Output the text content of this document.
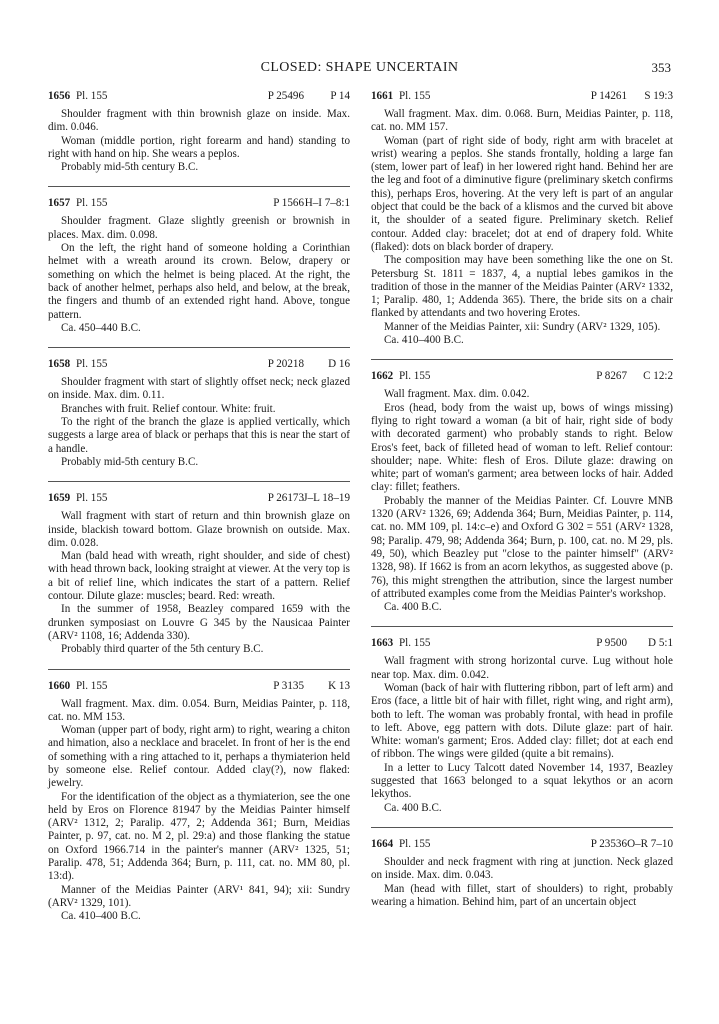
CLOSED: SHAPE UNCERTAIN	353
1656 Pl. 155	P 25496 P 14

Shoulder fragment with thin brownish glaze on inside. Max. dim. 0.046.

Woman (middle portion, right forearm and hand) standing to right with hand on hip. She wears a peplos.

Probably mid-5th century B.C.

1657 Pl. 155	P 1566 H–I 7–8:1

Shoulder fragment. Glaze slightly greenish or brownish in places. Max. dim. 0.098.

On the left, the right hand of someone holding a Corinthian helmet with a wreath around its crown. Below, drapery or something on which the helmet is being placed. At the right, the back of another helmet, perhaps also held, and below, at the break, the fingers and thumb of an extended right hand. Above, tongue pattern.

Ca. 450–440 B.C.

1658 Pl. 155	P 20218 D 16

Shoulder fragment with start of slightly offset neck; neck glazed on inside. Max. dim. 0.11.

Branches with fruit. Relief contour. White: fruit.

To the right of the branch the glaze is applied vertically, which suggests a large area of black or perhaps that this is near the start of a handle.

Probably mid-5th century B.C.

1659 Pl. 155	P 26173 J–L 18–19

Wall fragment with start of return and thin brownish glaze on inside, blackish toward bottom. Glaze brownish on outside. Max. dim. 0.028.

Man (bald head with wreath, right shoulder, and side of chest) with head thrown back, looking straight at viewer. At the very top is a bit of relief line, which indicates the start of a pattern. Relief contour. Dilute glaze: muscles; beard. Red: wreath.

In the summer of 1958, Beazley compared 1659 with the drunken symposiast on Louvre G 345 by the Nausicaa Painter (ARV² 1108, 16; Addenda 330).

Probably third quarter of the 5th century B.C.

1660 Pl. 155	P 3135 K 13

Wall fragment. Max. dim. 0.054. Burn, Meidias Painter, p. 118, cat. no. MM 153.

Woman (upper part of body, right arm) to right, wearing a chiton and himation, also a necklace and bracelet. In front of her is the end of something with a ring attached to it, perhaps a thymiaterion held by someone else. Relief contour. Added clay(?), now flaked: jewelry.

For the identification of the object as a thymiaterion, see the one held by Eros on Florence 81947 by the Meidias Painter himself (ARV² 1312, 2; Paralip. 477, 2; Addenda 361; Burn, Meidias Painter, p. 97, cat. no. M 2, pl. 29:a) and those flanking the statue on Oxford 1966.714 in the painter's manner (ARV² 1325, 51; Paralip. 478, 51; Addenda 364; Burn, p. 111, cat. no. MM 80, pl. 13:d).

Manner of the Meidias Painter (ARV¹ 841, 94); xii: Sundry (ARV² 1329, 101).

Ca. 410–400 B.C.

1661 Pl. 155	P 14261 S 19:3

Wall fragment. Max. dim. 0.068. Burn, Meidias Painter, p. 118, cat. no. MM 157.

Woman (part of right side of body, right arm with bracelet at wrist) wearing a peplos. She stands frontally, holding a large fan (stem, lower part of leaf) in her lowered right hand. Behind her are the leg and foot of a diminutive figure (preliminary sketch confirms this), perhaps Eros, hovering. At the very left is part of an angular object that could be the back of a klismos and the curved bit above it, the shoulder of a seated figure. Preliminary sketch. Relief contour. Added clay: bracelet; dot at end of drapery fold. White (flaked): dots on black border of drapery.

The composition may have been something like the one on St. Petersburg St. 1811 = 1837, 4, a nuptial lebes gamikos in the tradition of those in the manner of the Meidias Painter (ARV² 1332, 1; Paralip. 480, 1; Addenda 365). There, the bride sits on a chair flanked by attendants and two hovering Erotes.

Manner of the Meidias Painter, xii: Sundry (ARV² 1329, 105).

Ca. 410–400 B.C.

1662 Pl. 155	P 8267 C 12:2

Wall fragment. Max. dim. 0.042.

Eros (head, body from the waist up, bows of wings missing) flying to right toward a woman (a bit of hair, right side of body with decorated garment) who probably stands to right. Below Eros's feet, back of filleted head of woman to left. Relief contour: shoulder; nape. White: flesh of Eros. Dilute glaze: drawing on white; part of woman's garment; area between locks of hair. Added clay: fillet; feathers.

Probably the manner of the Meidias Painter. Cf. Louvre MNB 1320 (ARV² 1326, 69; Addenda 364; Burn, Meidias Painter, p. 114, cat. no. MM 109, pl. 14:c–e) and Oxford G 302 = 551 (ARV² 1328, 98; Paralip. 479, 98; Addenda 364; Burn, p. 100, cat. no. M 29, pls. 49, 50), which Beazley put "close to the painter himself" (ARV² 1328, 98). If 1662 is from an acorn lekythos, as suggested above (p. 76), this might strengthen the attribution, since the largest number of attributed examples come from the Meidias Painter's workshop.

Ca. 400 B.C.

1663 Pl. 155	P 9500 D 5:1

Wall fragment with strong horizontal curve. Lug without hole near top. Max. dim. 0.042.

Woman (back of hair with fluttering ribbon, part of left arm) and Eros (face, a little bit of hair with fillet, right wing, and right arm), both to left. The woman was probably frontal, with head in profile to left. Above, egg pattern with dots. Dilute glaze: part of hair. White: woman's garment; Eros. Added clay: fillet; dot at each end of ribbon. The wings were gilded (quite a bit remains).

In a letter to Lucy Talcott dated November 14, 1937, Beazley suggested that 1663 belonged to a squat lekythos or an acorn lekythos.

Ca. 400 B.C.

1664 Pl. 155	P 23536 O–R 7–10

Shoulder and neck fragment with ring at junction. Neck glazed on inside. Max. dim. 0.043.

Man (head with fillet, start of shoulders) to right, probably wearing a himation. Behind him, part of an uncertain object
